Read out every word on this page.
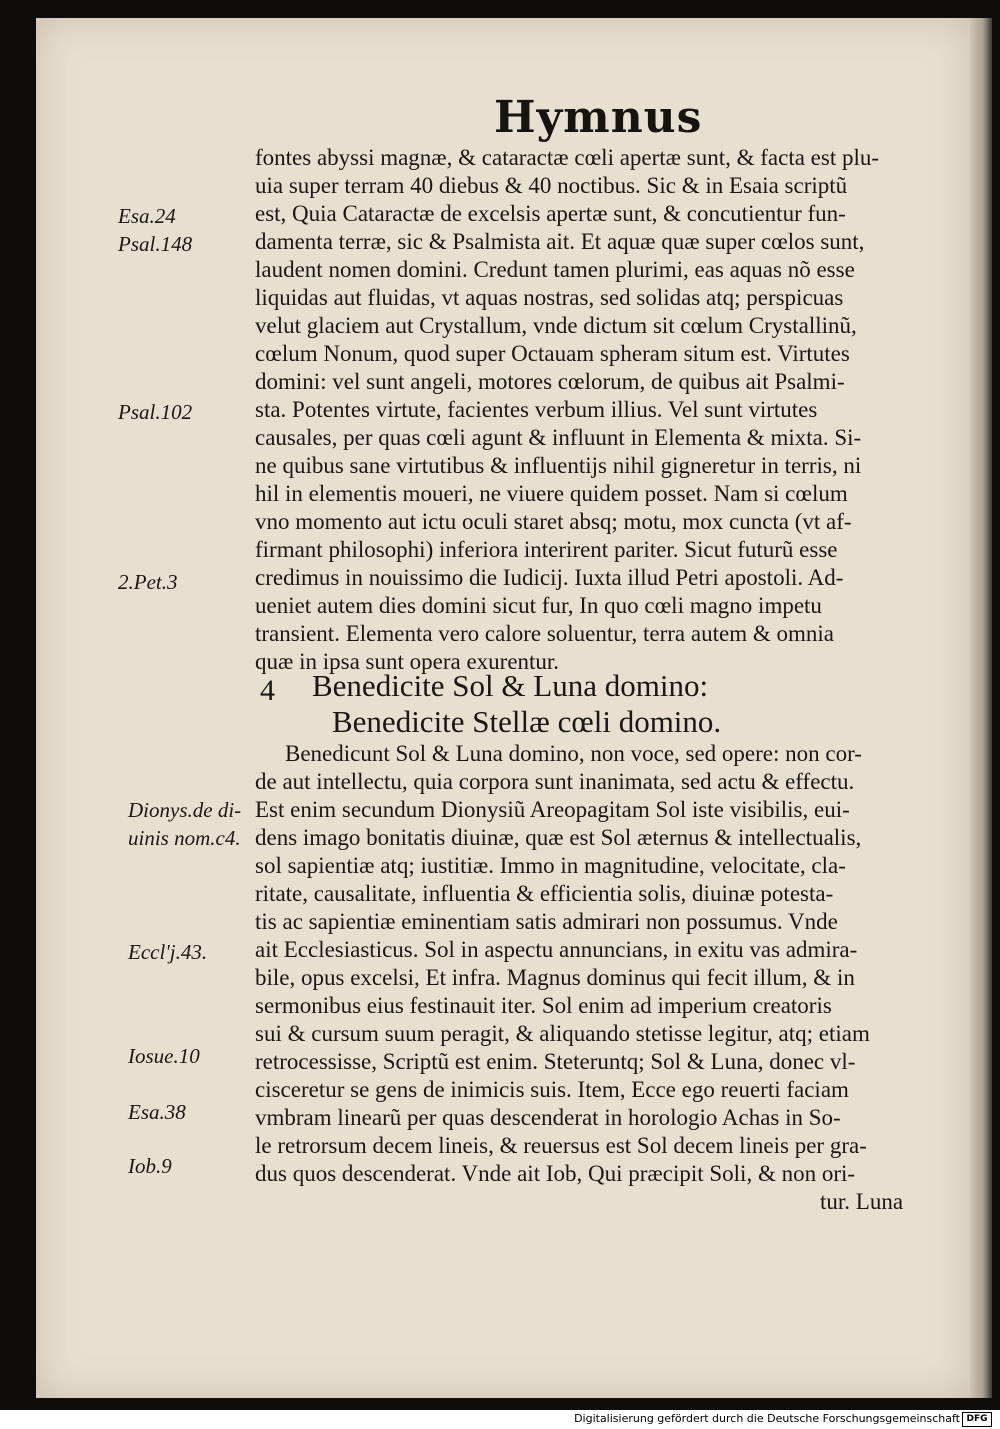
Hymnus
fontes abyssi magnæ, & cataractæ cœli apertæ sunt, & facta est plu-
uia super terram 40 diebus & 40 noctibus. Sic & in Esaia scriptũ
est, Quia Cataractæ de excelsis apertæ sunt, & concutientur fun-
damenta terræ, sic & Psalmista ait. Et aquæ quæ super cœlos sunt,
laudent nomen domini. Credunt tamen plurimi, eas aquas nõ esse
liquidas aut fluidas, vt aquas nostras, sed solidas atq; perspicuas
velut glaciem aut Crystallum, vnde dictum sit cœlum Crystallinũ,
cœlum Nonum, quod super Octauam spheram situm est. Virtutes
domini: vel sunt angeli, motores cœlorum, de quibus ait Psalmi-
sta. Potentes virtute, facientes verbum illius. Vel sunt virtutes
causales, per quas cœli agunt & influunt in Elementa & mixta. Si-
ne quibus sane virtutibus & influentijs nihil gigneretur in terris, ni
hil in elementis moueri, ne viuere quidem posset. Nam si cœlum
vno momento aut ictu oculi staret absq; motu, mox cuncta (vt af-
firmant philosophi) inferiora interirent pariter. Sicut futurũ esse
credimus in nouissimo die Iudicij. Iuxta illud Petri apostoli. Ad-
ueniet autem dies domini sicut fur, In quo cœli magno impetu
transient. Elementa vero calore soluentur, terra autem & omnia
quæ in ipsa sunt opera exurentur.
4 Benedicite Sol & Luna domino:
Benedicite Stellæ cœli domino.
Benedicunt Sol & Luna domino, non voce, sed opere: non cor-
de aut intellectu, quia corpora sunt inanimata, sed actu & effectu.
Est enim secundum Dionysiũ Areopagitam Sol iste visibilis, eui-
dens imago bonitatis diuinæ, quæ est Sol æternus & intellectualis,
sol sapientiæ atq; iustitiæ. Immo in magnitudine, velocitate, cla-
ritate, causalitate, influentia & efficientia solis, diuinæ potesta-
tis ac sapientiæ eminentiam satis admirari non possumus. Vnde
ait Ecclesiasticus. Sol in aspectu annuncians, in exitu vas admira-
bile, opus excelsi, Et infra. Magnus dominus qui fecit illum, & in
sermonibus eius festinauit iter. Sol enim ad imperium creatoris
sui & cursum suum peragit, & aliquando stetisse legitur, atq; etiam
retrocessisse, Scriptũ est enim. Steteruntq; Sol & Luna, donec vl-
cisceretur se gens de inimicis suis. Item, Ecce ego reuerti faciam
vmbram linearũ per quas descenderat in horologio Achas in So-
le retrorsum decem lineis, & reuersus est Sol decem lineis per gra-
dus quos descenderat. Vnde ait Iob, Qui præcipit Soli, & non ori-
tur. Luna
Esa.24
Psal.148
Psal.102
2.Pet.3
Dionys.de di-
uinis nom.c4.
Eccl'j.43.
Iosue.10
Esa.38
Iob.9
Digitalisierung gefördert durch die Deutsche Forschungsgemeinschaft DFG
